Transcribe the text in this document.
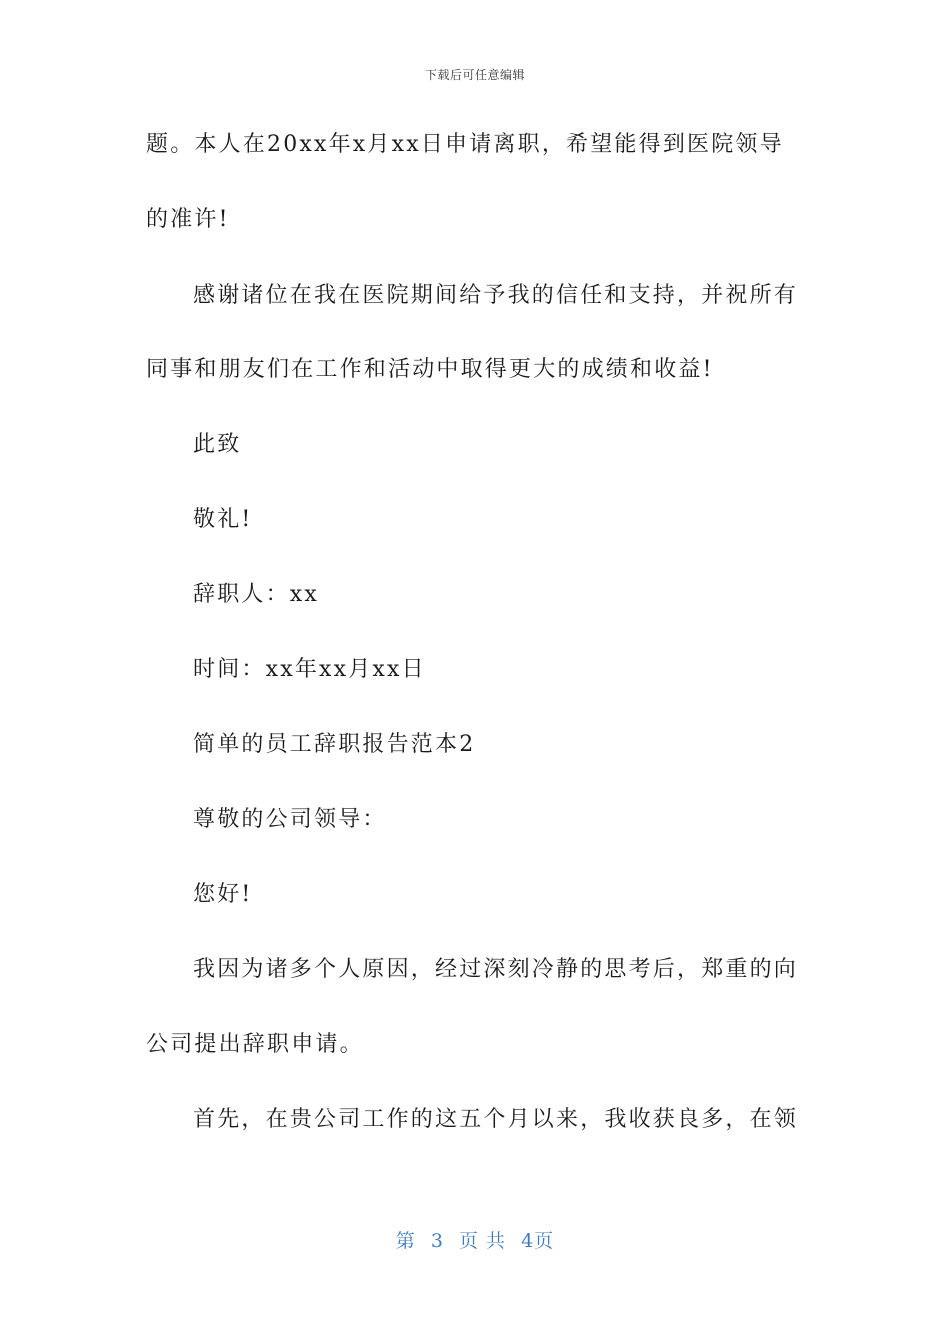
下载后可任意编辑
题。本人在20xx年x月xx日申请离职，希望能得到医院领导
的准许!
感谢诸位在我在医院期间给予我的信任和支持，并祝所有
同事和朋友们在工作和活动中取得更大的成绩和收益!
此致
敬礼!
辞职人：xx
时间：xx年xx月xx日
简单的员工辞职报告范本2
尊敬的公司领导：
您好!
我因为诸多个人原因，经过深刻冷静的思考后，郑重的向
公司提出辞职申请。
首先，在贵公司工作的这五个月以来，我收获良多，在领
第 3 页 共 4页
